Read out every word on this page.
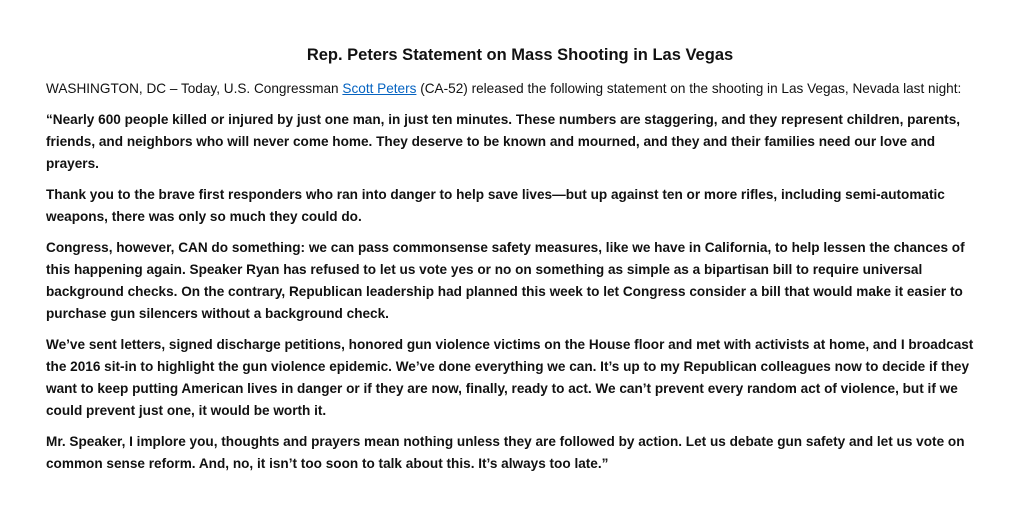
Rep. Peters Statement on Mass Shooting in Las Vegas

WASHINGTON, DC – Today, U.S. Congressman Scott Peters (CA-52) released the following statement on the shooting in Las Vegas, Nevada last night:

“Nearly 600 people killed or injured by just one man, in just ten minutes. These numbers are staggering, and they represent children, parents, friends, and neighbors who will never come home. They deserve to be known and mourned, and they and their families need our love and prayers.

Thank you to the brave first responders who ran into danger to help save lives—but up against ten or more rifles, including semi-automatic weapons, there was only so much they could do.

Congress, however, CAN do something: we can pass commonsense safety measures, like we have in California, to help lessen the chances of this happening again. Speaker Ryan has refused to let us vote yes or no on something as simple as a bipartisan bill to require universal background checks. On the contrary, Republican leadership had planned this week to let Congress consider a bill that would make it easier to purchase gun silencers without a background check.

We’ve sent letters, signed discharge petitions, honored gun violence victims on the House floor and met with activists at home, and I broadcast the 2016 sit-in to highlight the gun violence epidemic. We’ve done everything we can. It’s up to my Republican colleagues now to decide if they want to keep putting American lives in danger or if they are now, finally, ready to act. We can’t prevent every random act of violence, but if we could prevent just one, it would be worth it.

Mr. Speaker, I implore you, thoughts and prayers mean nothing unless they are followed by action. Let us debate gun safety and let us vote on common sense reform. And, no, it isn’t too soon to talk about this. It’s always too late.”
